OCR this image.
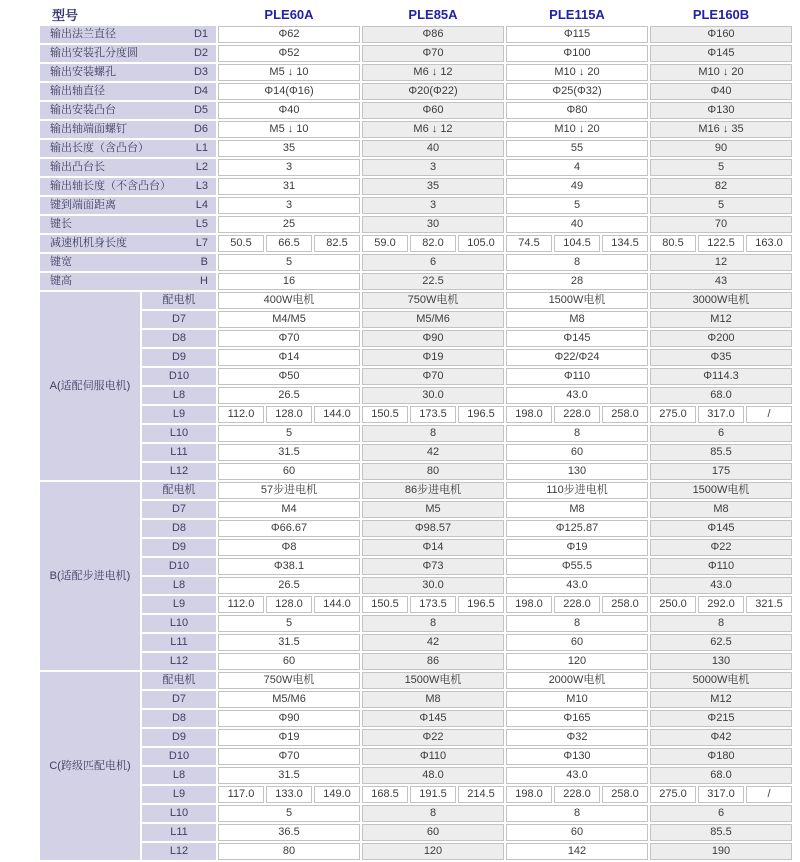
型号		PLE60A			PLE85A			PLE115A			PLE160B		

输出法兰直径 D1		Φ62			Φ86			Φ115			Φ160		

输出安装孔分度圆 D2		Φ52			Φ70			Φ100			Φ145		

输出安装螺孔 D3		M5 ↓ 10			M6 ↓ 12			M10 ↓ 20			M10 ↓ 20		

输出轴直径 D4		Φ14(Φ16)			Φ20(Φ22)			Φ25(Φ32)			Φ40		

输出安装凸台 D5		Φ40			Φ60			Φ80			Φ130		

输出轴端面螺钉 D6		M5 ↓ 10			M6 ↓ 12			M10 ↓ 20			M16 ↓ 35		

输出长度（含凸台） L1		35			40			55			90		

输出凸台长 L2		3			3			4			5		

输出轴长度（不含凸台） L3		31			35			49			82		

键到端面距离 L4		3			3			5			5		

键长 L5		25			30			40			70		

减速机机身长度 L7		50.5	66.5	82.5	59.0	82.0	105.0	74.5	104.5	134.5	80.5	122.5	163.0

键宽 B		5			6			8			12		

键高 H		16			22.5			28			43		
A(适配伺服电机)	配电机	400W电机			750W电机			1500W电机			3000W电机		
	D7	M4/M5			M5/M6			M8			M12		
	D8	Φ70			Φ90			Φ145			Φ200		
	D9	Φ14			Φ19			Φ22/Φ24			Φ35		
	D10	Φ50			Φ70			Φ110			Φ114.3		
	L8	26.5			30.0			43.0			68.0		
	L9	112.0	128.0	144.0	150.5	173.5	196.5	198.0	228.0	258.0	275.0	317.0	/
	L10	5			8			8			6		
	L11	31.5			42			60			85.5		
	L12	60			80			130			175		
B(适配步进电机)	配电机	57步进电机			86步进电机			110步进电机			1500W电机		
	D7	M4			M5			M8			M8		
	D8	Φ66.67			Φ98.57			Φ125.87			Φ145		
	D9	Φ8			Φ14			Φ19			Φ22		
	D10	Φ38.1			Φ73			Φ55.5			Φ110		
	L8	26.5			30.0			43.0			43.0		
	L9	112.0	128.0	144.0	150.5	173.5	196.5	198.0	228.0	258.0	250.0	292.0	321.5
	L10	5			8			8			8		
	L11	31.5			42			60			62.5		
	L12	60			86			120			130		
C(跨级匹配电机)	配电机	750W电机			1500W电机			2000W电机			5000W电机		
	D7	M5/M6			M8			M10			M12		
	D8	Φ90			Φ145			Φ165			Φ215		
	D9	Φ19			Φ22			Φ32			Φ42		
	D10	Φ70			Φ110			Φ130			Φ180		
	L8	31.5			48.0			43.0			68.0		
	L9	117.0	133.0	149.0	168.5	191.5	214.5	198.0	228.0	258.0	275.0	317.0	/
	L10	5			8			8			6		
	L11	36.5			60			60			85.5		
	L12	80			120			142			190		
